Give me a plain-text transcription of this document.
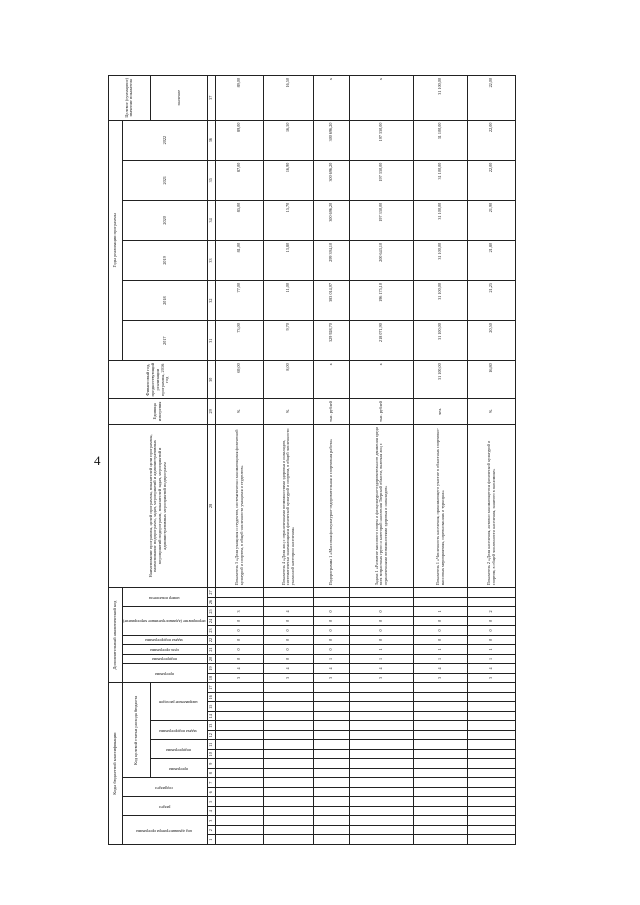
4
Коды бюджетной классификации																	Дополнительный аналитический код										Наименование программы, целей программы, показателей цели программы, наименование подпрограмм, задач, мероприятий и административных мероприятий подпрограмм, показателей задач, мероприятий и административных мероприятий подпрограмм	Единица измерения	Финансовый год, предшествующий реализации программы, 2016 год	Годы реализации программы						Целевое (суммарное) значение показателя
код администратора программы			раздел		подраздел		Код целевой статьи расхода бюджета										программа		подпрограмма	цель программы	задача подпрограммы	мероприятие (административное мероприятие)			номер показателя					2017	2018	2019	2020	2021	2022	
							программа		подпрограмма		задача подпрограммы		направление расходов																							значение
1	2	3	4	5	6	7	8	9	10	11	12	13	14	15	16	17	18	19	20	21	22	23	24	25	26	27	28	29	30	31	32	33	34	35	36	37
																	3	4	0	0	0	0	0	3			Показатель 3 «Доля учащихся и студентов, систематически занимающихся физической культурой и спортом, в общей численности учащихся и студентов»	%	69,00	73,00	77,00	81,00	85,00	87,00	89,00	89,00
																	3	4	0	0	0	0	0	4			Показатель 4 «Доля лиц с ограниченными возможностями здоровья и инвалидов, систематически занимающихся физической культурой и спортом, в общей численности указанной категории населения»	%	8,00	9,70	11,00	13,80	15,70	16,90	16,50	16,50
																	3	4	1	0	0	0	0	0			Подпрограмма 1 «Массовая физкультурно-оздоровительная и спортивная работа»	тыс. рублей	x	329 928,70	383 014,97	299 394,10	300 696,20	300 696,20	300 696,20	x
																	3	4	1	1	0	0	0	0			Задача 1 «Развитие массового спорта и физкультурно-оздоровительного движения среди всех возрастных групп и категорий населения Тверской области, включая лиц с ограниченными возможностями здоровья и инвалидов»	тыс. рублей	x	218 071,90	196 175,10	200 643,10	197 330,00	197 330,00	197 330,00	x
																	3	4	1	1	0	0	0	1			Показатель 1 «Численность населения, принимающего участие в областных спортивно-массовых мероприятиях, соревнованиях и турнирах»	чел.	31 100,00	31 100,00	31 100,00	31 100,00	31 100,00	31 100,00	31 100,00	31 100,00
																	3	4	1	1	0	0	0	2			Показатель 2 «Доля населения, активно занимающегося физической культурой и спортом, в общей численности населения, занятого в экономике»	%	16,80	20,50	21,25	21,80	21,90	22,00	22,00	22,00
